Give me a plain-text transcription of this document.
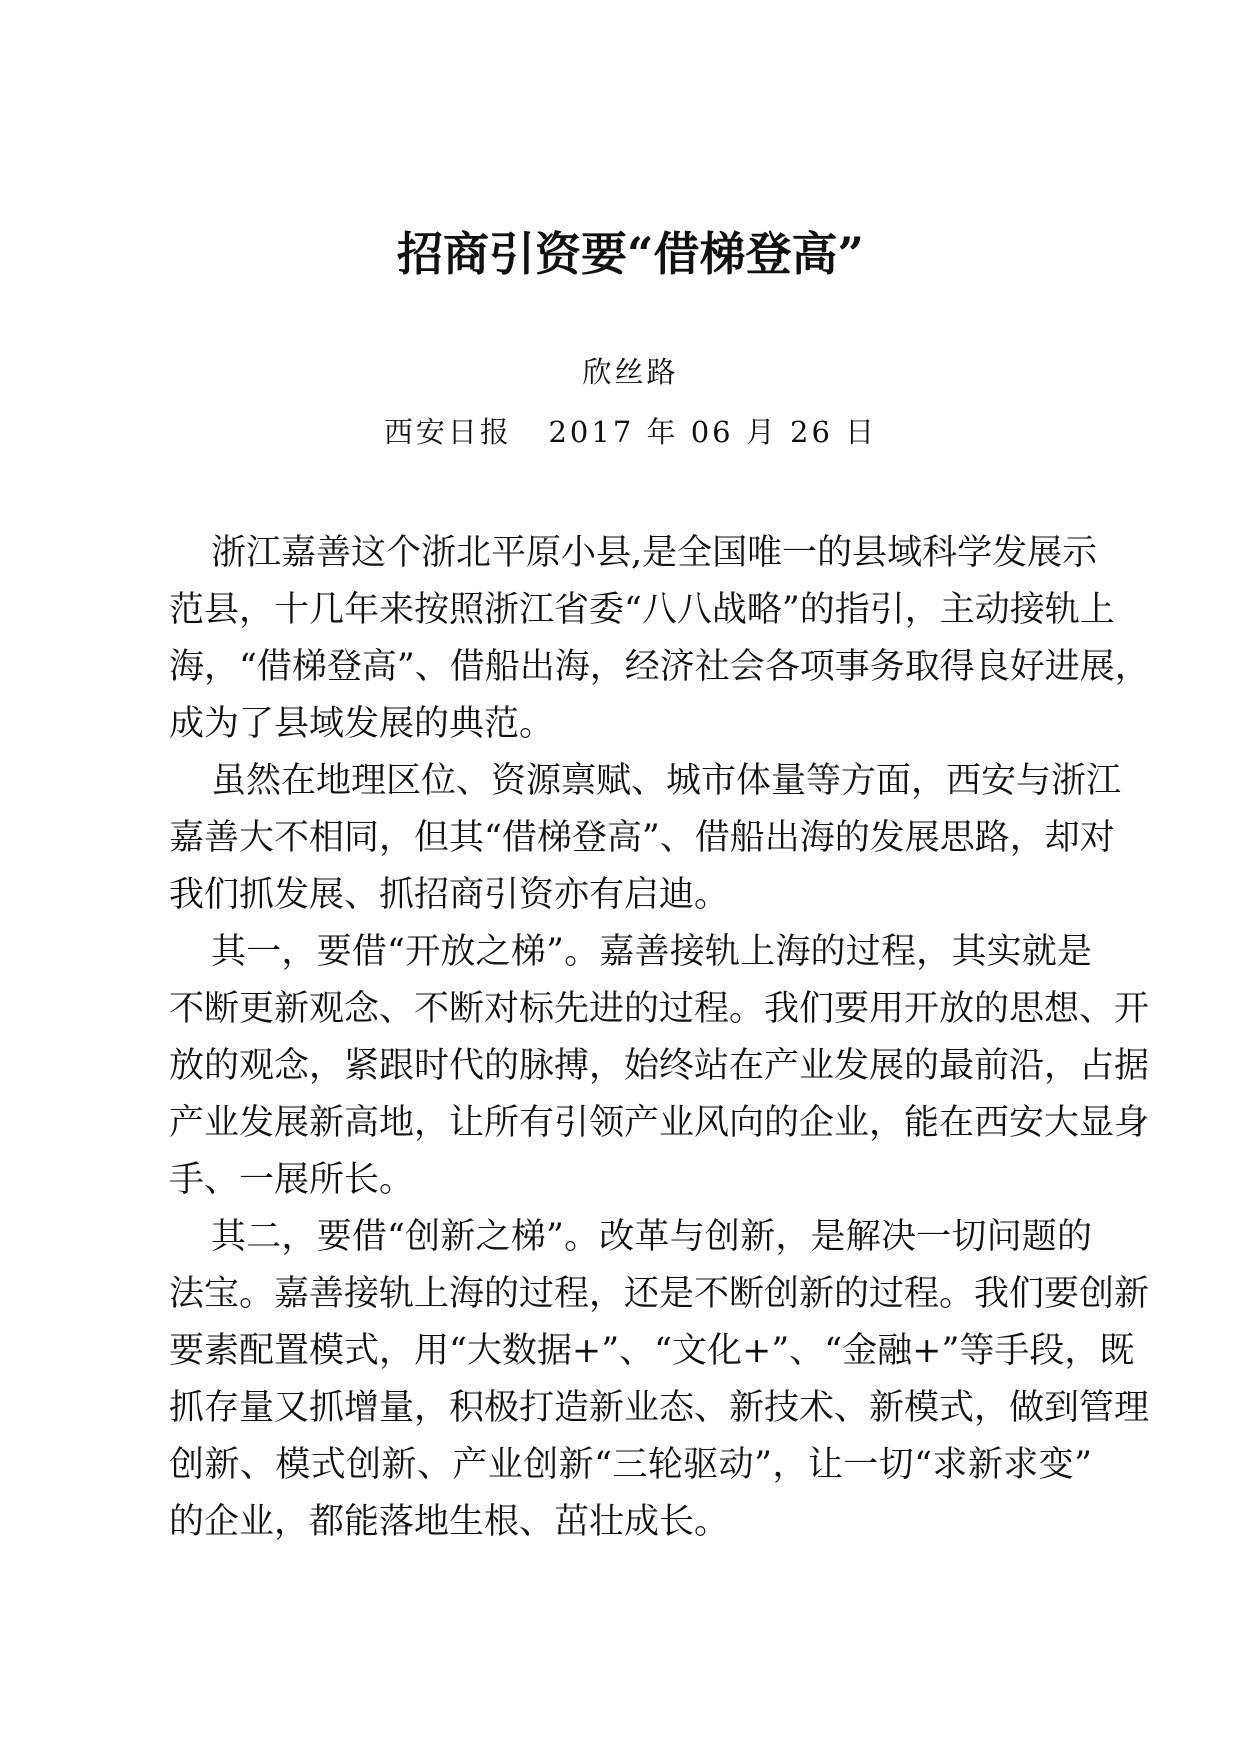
招商引资要“借梯登高”
欣丝路
西安日报   2017 年 06 月 26 日
浙江嘉善这个浙北平原小县,是全国唯一的县域科学发展示
范县，十几年来按照浙江省委“八八战略”的指引，主动接轨上
海，“借梯登高”、借船出海，经济社会各项事务取得良好进展，
成为了县域发展的典范。
虽然在地理区位、资源禀赋、城市体量等方面，西安与浙江
嘉善大不相同，但其“借梯登高”、借船出海的发展思路，却对
我们抓发展、抓招商引资亦有启迪。
其一，要借“开放之梯”。嘉善接轨上海的过程，其实就是
不断更新观念、不断对标先进的过程。我们要用开放的思想、开
放的观念，紧跟时代的脉搏，始终站在产业发展的最前沿，占据
产业发展新高地，让所有引领产业风向的企业，能在西安大显身
手、一展所长。
其二，要借“创新之梯”。改革与创新，是解决一切问题的
法宝。嘉善接轨上海的过程，还是不断创新的过程。我们要创新
要素配置模式，用“大数据+”、“文化+”、“金融+”等手段，既
抓存量又抓增量，积极打造新业态、新技术、新模式，做到管理
创新、模式创新、产业创新“三轮驱动”，让一切“求新求变”
的企业，都能落地生根、茁壮成长。
